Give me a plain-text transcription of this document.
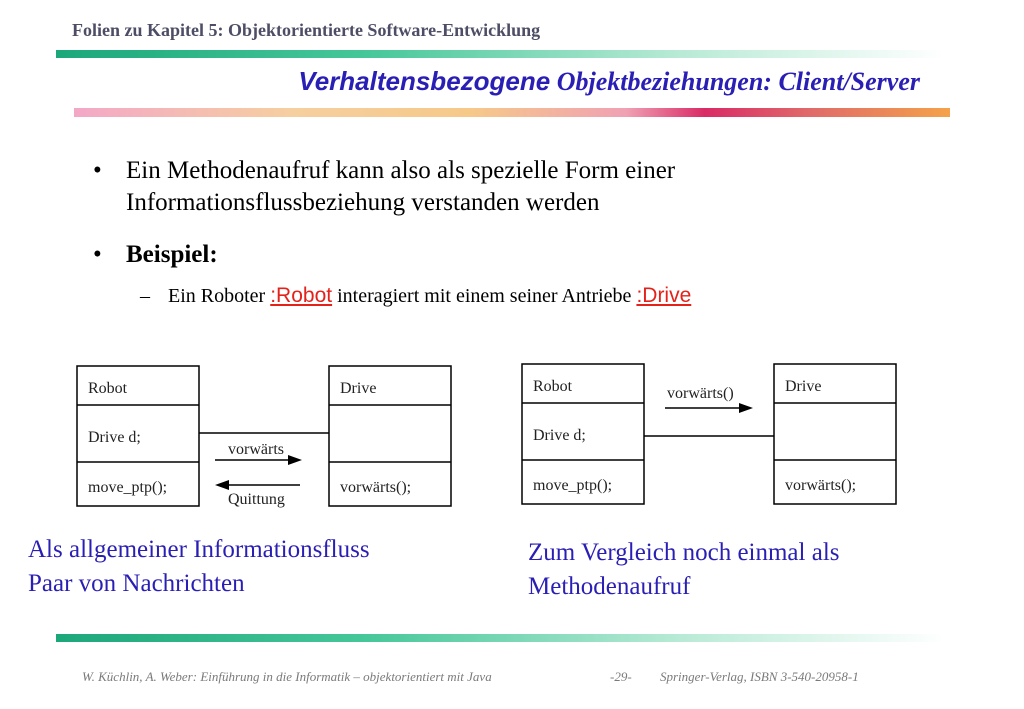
Folien zu Kapitel 5: Objektorientierte Software-Entwicklung
Verhaltensbezogene Objektbeziehungen: Client/Server
• Ein Methodenaufruf kann also als spezielle Form einer Informationsflussbeziehung verstanden werden
• Beispiel:
– Ein Roboter :Robot interagiert mit einem seiner Antriebe :Drive
Robot
Drive d;
move_ptp();
Drive
vorwärts();
vorwärts
Quittung
Robot
Drive d;
move_ptp();
Drive
vorwärts();
vorwärts()
Als allgemeiner Informationsfluss
Paar von Nachrichten
Zum Vergleich noch einmal als
Methodenaufruf
W. Küchlin, A. Weber: Einführung in die Informatik – objektorientiert mit Java	-29- Springer-Verlag, ISBN 3-540-20958-1
